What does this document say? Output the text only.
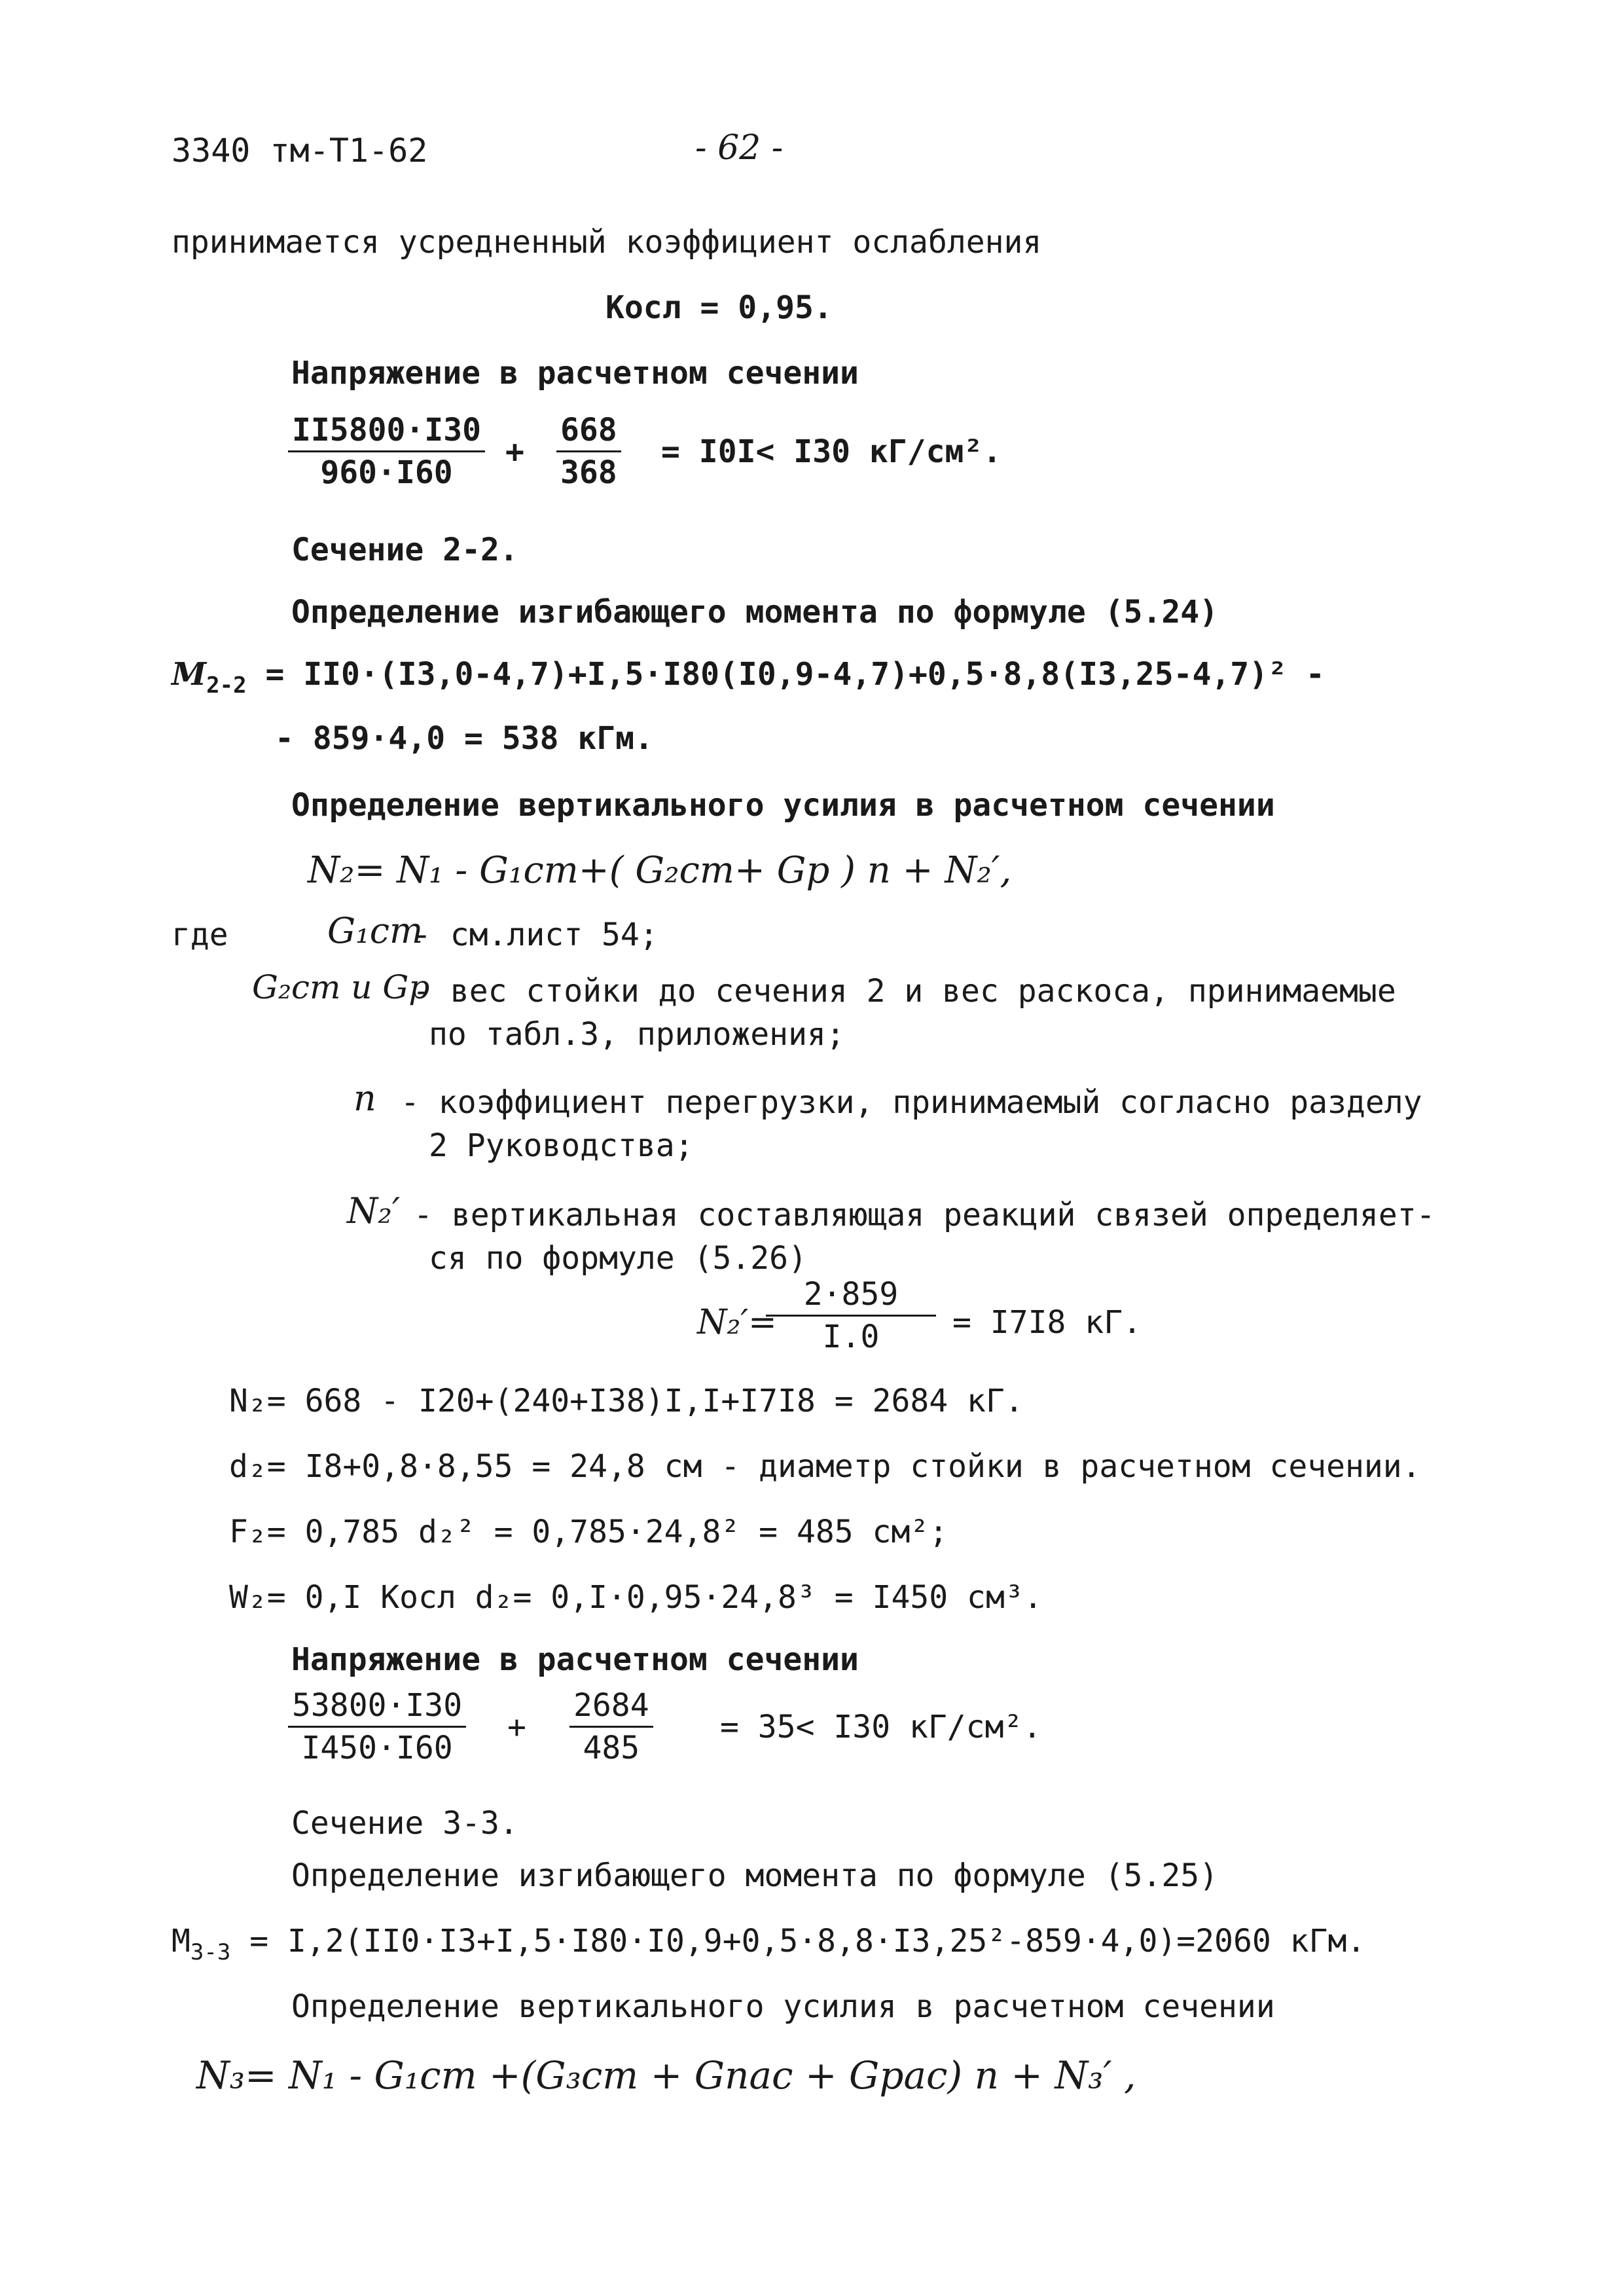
3340 тм-Т1-62	- 62 -
принимается усредненный коэффициент ослабления
Косл = 0,95.
Напряжение в расчетном сечении
$\frac{II5800\cdot I30}{960\cdot I60} + \frac{668}{368} = I0I< I30$ кГ/см².
Сечение 2-2.
Определение изгибающего момента по формуле (5.24)
$M_{2-2} = II0\cdot(I3,0-4,7)+I,5\cdot I80(I0,9-4,7)+0,5\cdot 8,8(I3,25-4,7)^2$ -
- 859·4,0 = 538 кГм.
Определение вертикального усилия в расчетном сечении
N₂= N₁ - G₁ст+( G₂ст+ Gр ) n + N₂′,
где	G₁ст
- см.лист 54;
G₂ст и Gр
- вес стойки до сечения 2 и вес раскоса, принимаемые
по табл.3, приложения;
n - коэффициент перегрузки, принимаемый согласно разделу
2 Руководства;
N₂′ - вертикальная составляющая реакций связей определяет-
ся по формуле (5.26)
N₂′=
$\frac{2\cdot 859}{I.0} = I7I8$ кГ.
N₂= 668 - I20+(240+I38)I,I+I7I8 = 2684 кГ.
d₂= I8+0,8·8,55 = 24,8 см - диаметр стойки в расчетном сечении.
F₂= 0,785 d₂² = 0,785·24,8² = 485 см²;
W₂= 0,I Косл d₂= 0,I·0,95·24,8³ = I450 см³.
Напряжение в расчетном сечении
$\frac{53800\cdot I30}{I450\cdot I60} + \frac{2684}{485} = 35< I30$ кГ/см².
Сечение 3-3.
Определение изгибающего момента по формуле (5.25)
$M_{3-3} = I,2(II0\cdot I3+I,5\cdot I80\cdot I0,9+0,5\cdot 8,8\cdot I3,25^2-859\cdot 4,0)=2060$ кГм.
Определение вертикального усилия в расчетном сечении
N₃= N₁ - G₁ст +(G₃ст + Gпас + Gрас) n + N₃′ ,
